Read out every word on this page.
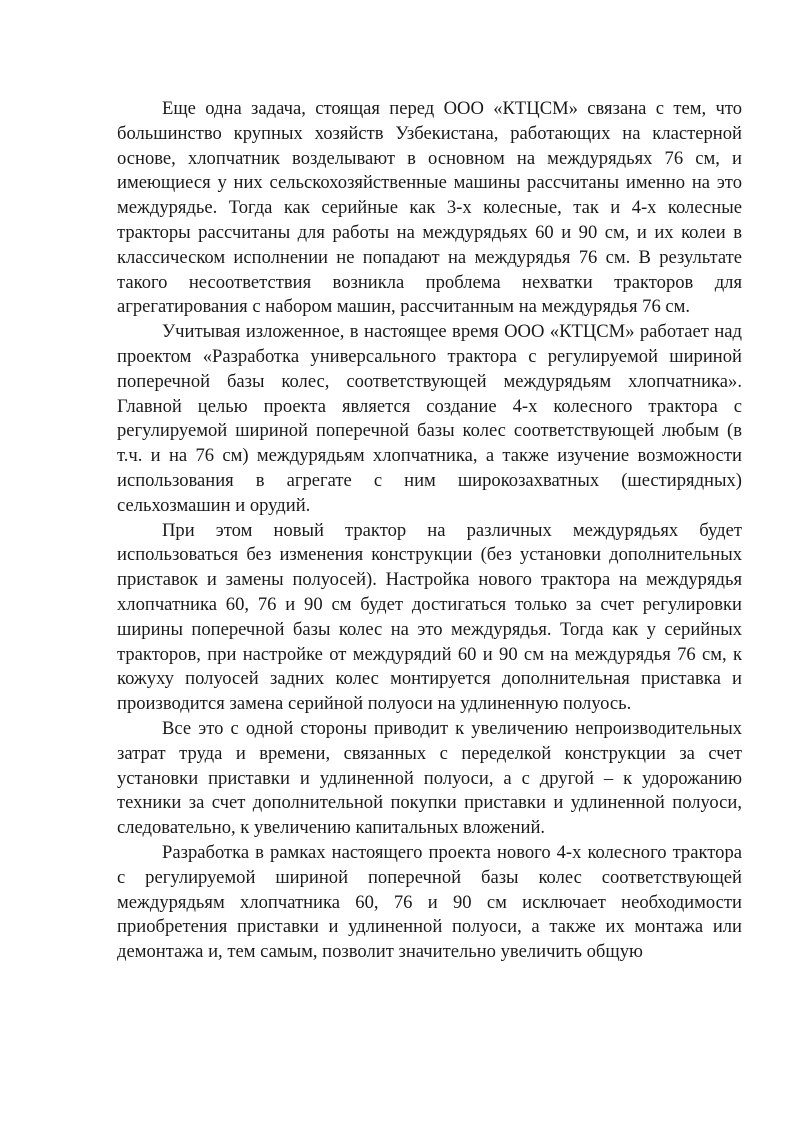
Еще одна задача, стоящая перед ООО «КТЦСМ» связана с тем, что большинство крупных хозяйств Узбекистана, работающих на кластерной основе, хлопчатник возделывают в основном на междурядьях 76 см, и имеющиеся у них сельскохозяйственные машины рассчитаны именно на это междурядье. Тогда как серийные как 3-х колесные, так и 4-х колесные тракторы рассчитаны для работы на междурядьях 60 и 90 см, и их колеи в классическом исполнении не попадают на междурядья 76 см. В результате такого несоответствия возникла проблема нехватки тракторов для агрегатирования с набором машин, рассчитанным на междурядья 76 см.

Учитывая изложенное, в настоящее время ООО «КТЦСМ» работает над проектом «Разработка универсального трактора с регулируемой шириной поперечной базы колес, соответствующей междурядьям хлопчатника». Главной целью проекта является создание 4-х колесного трактора с регулируемой шириной поперечной базы колес соответствующей любым (в т.ч. и на 76 см) междурядьям хлопчатника, а также изучение возможности использования в агрегате с ним широкозахватных (шестирядных) сельхозмашин и орудий.

При этом новый трактор на различных междурядьях будет использоваться без изменения конструкции (без установки дополнительных приставок и замены полуосей). Настройка нового трактора на междурядья хлопчатника 60, 76 и 90 см будет достигаться только за счет регулировки ширины поперечной базы колес на это междурядья. Тогда как у серийных тракторов, при настройке от междурядий 60 и 90 см на междурядья 76 см, к кожуху полуосей задних колес монтируется дополнительная приставка и производится замена серийной полуоси на удлиненную полуось.

Все это с одной стороны приводит к увеличению непроизводительных затрат труда и времени, связанных с переделкой конструкции за счет установки приставки и удлиненной полуоси, а с другой – к удорожанию техники за счет дополнительной покупки приставки и удлиненной полуоси, следовательно, к увеличению капитальных вложений.

Разработка в рамках настоящего проекта нового 4-х колесного трактора с регулируемой шириной поперечной базы колес соответствующей междурядьям хлопчатника 60, 76 и 90 см исключает необходимости приобретения приставки и удлиненной полуоси, а также их монтажа или демонтажа и, тем самым, позволит значительно увеличить общую
